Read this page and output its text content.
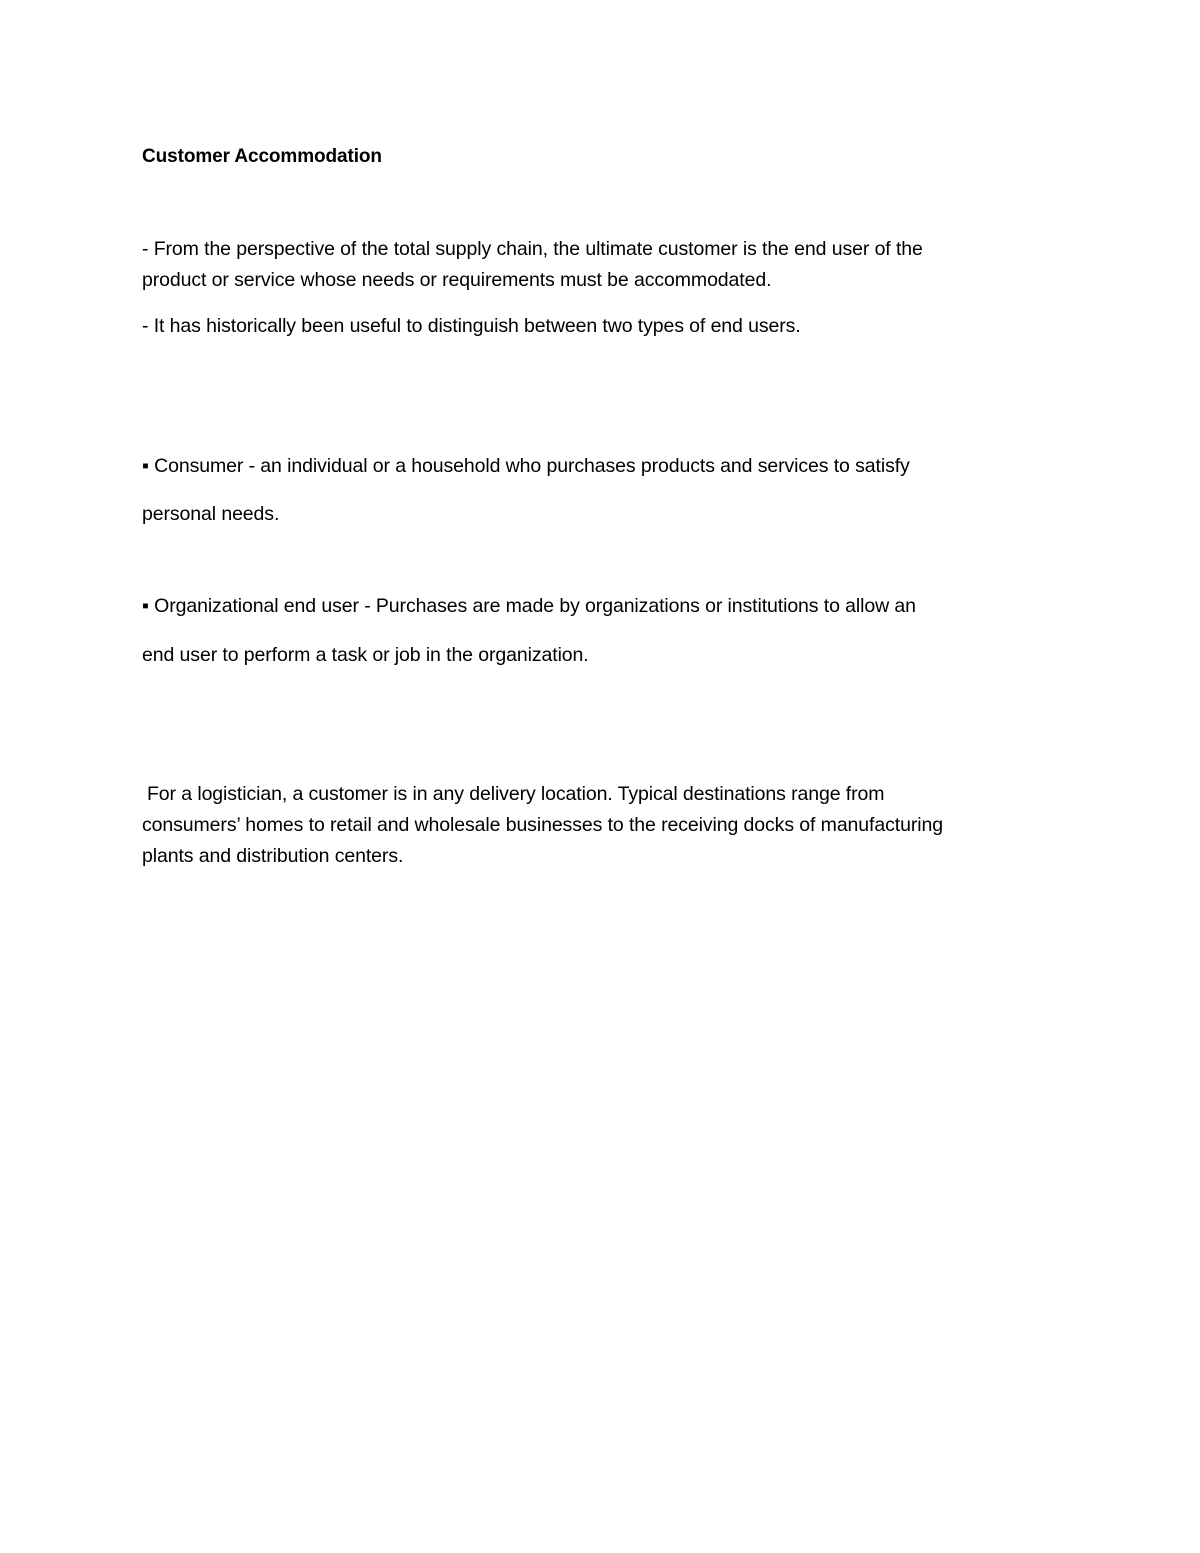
Customer Accommodation
- From the perspective of the total supply chain, the ultimate customer is the end user of the
product or service whose needs or requirements must be accommodated.
- It has historically been useful to distinguish between two types of end users.
▪ Consumer - an individual or a household who purchases products and services to satisfy
personal needs.
▪ Organizational end user - Purchases are made by organizations or institutions to allow an
end user to perform a task or job in the organization.
For a logistician, a customer is in any delivery location. Typical destinations range from
consumers’ homes to retail and wholesale businesses to the receiving docks of manufacturing
plants and distribution centers.
